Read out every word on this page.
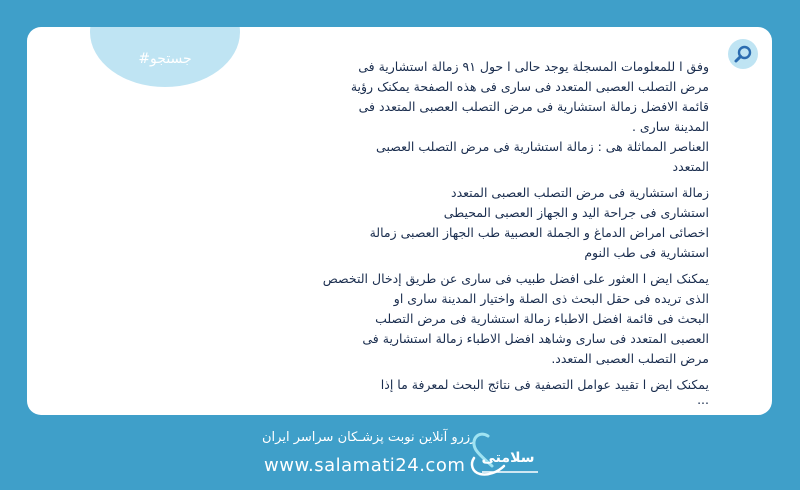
#جستجو	وفق ا للمعلومات المسجلة يوجد حالی ا حول ٩١ زمالة استشارية فی
مرض التصلب العصبی المتعدد فی ساری فی هذه الصفحة يمكنک رؤية
قائمة الافضل زمالة استشارية فی مرض التصلب العصبی المتعدد فی
المدينة ساری .
العناصر المماثلة هی : زمالة استشارية فی مرض التصلب العصبی
المتعدد
زمالة استشارية فی مرض التصلب العصبی المتعدد
استشاری فی جراحة اليد و الجهاز العصبی المحيطی
اخصائی امراض الدماغ و الجملة العصبية طب الجهاز العصبی زمالة
استشارية فی طب النوم
يمكنک ايض ا العثور علی افضل طبيب فی ساری عن طريق إدخال التخصص
الذی تريده فی حقل البحث ذی الصلة واختيار المدينة ساری او
البحث فی قائمة افضل الاطباء زمالة استشارية فی مرض التصلب
العصبی المتعدد فی ساری وشاهد افضل الاطباء زمالة استشارية فی
مرض التصلب العصبی المتعدد.
يمكنک ايض ا تقييد عوامل التصفية فی نتائج البحث لمعرفة ما إذا
...
رزرو آنلاین نوبت پزشـکان سراسر ایران
www.salamati24.com سلامتی
